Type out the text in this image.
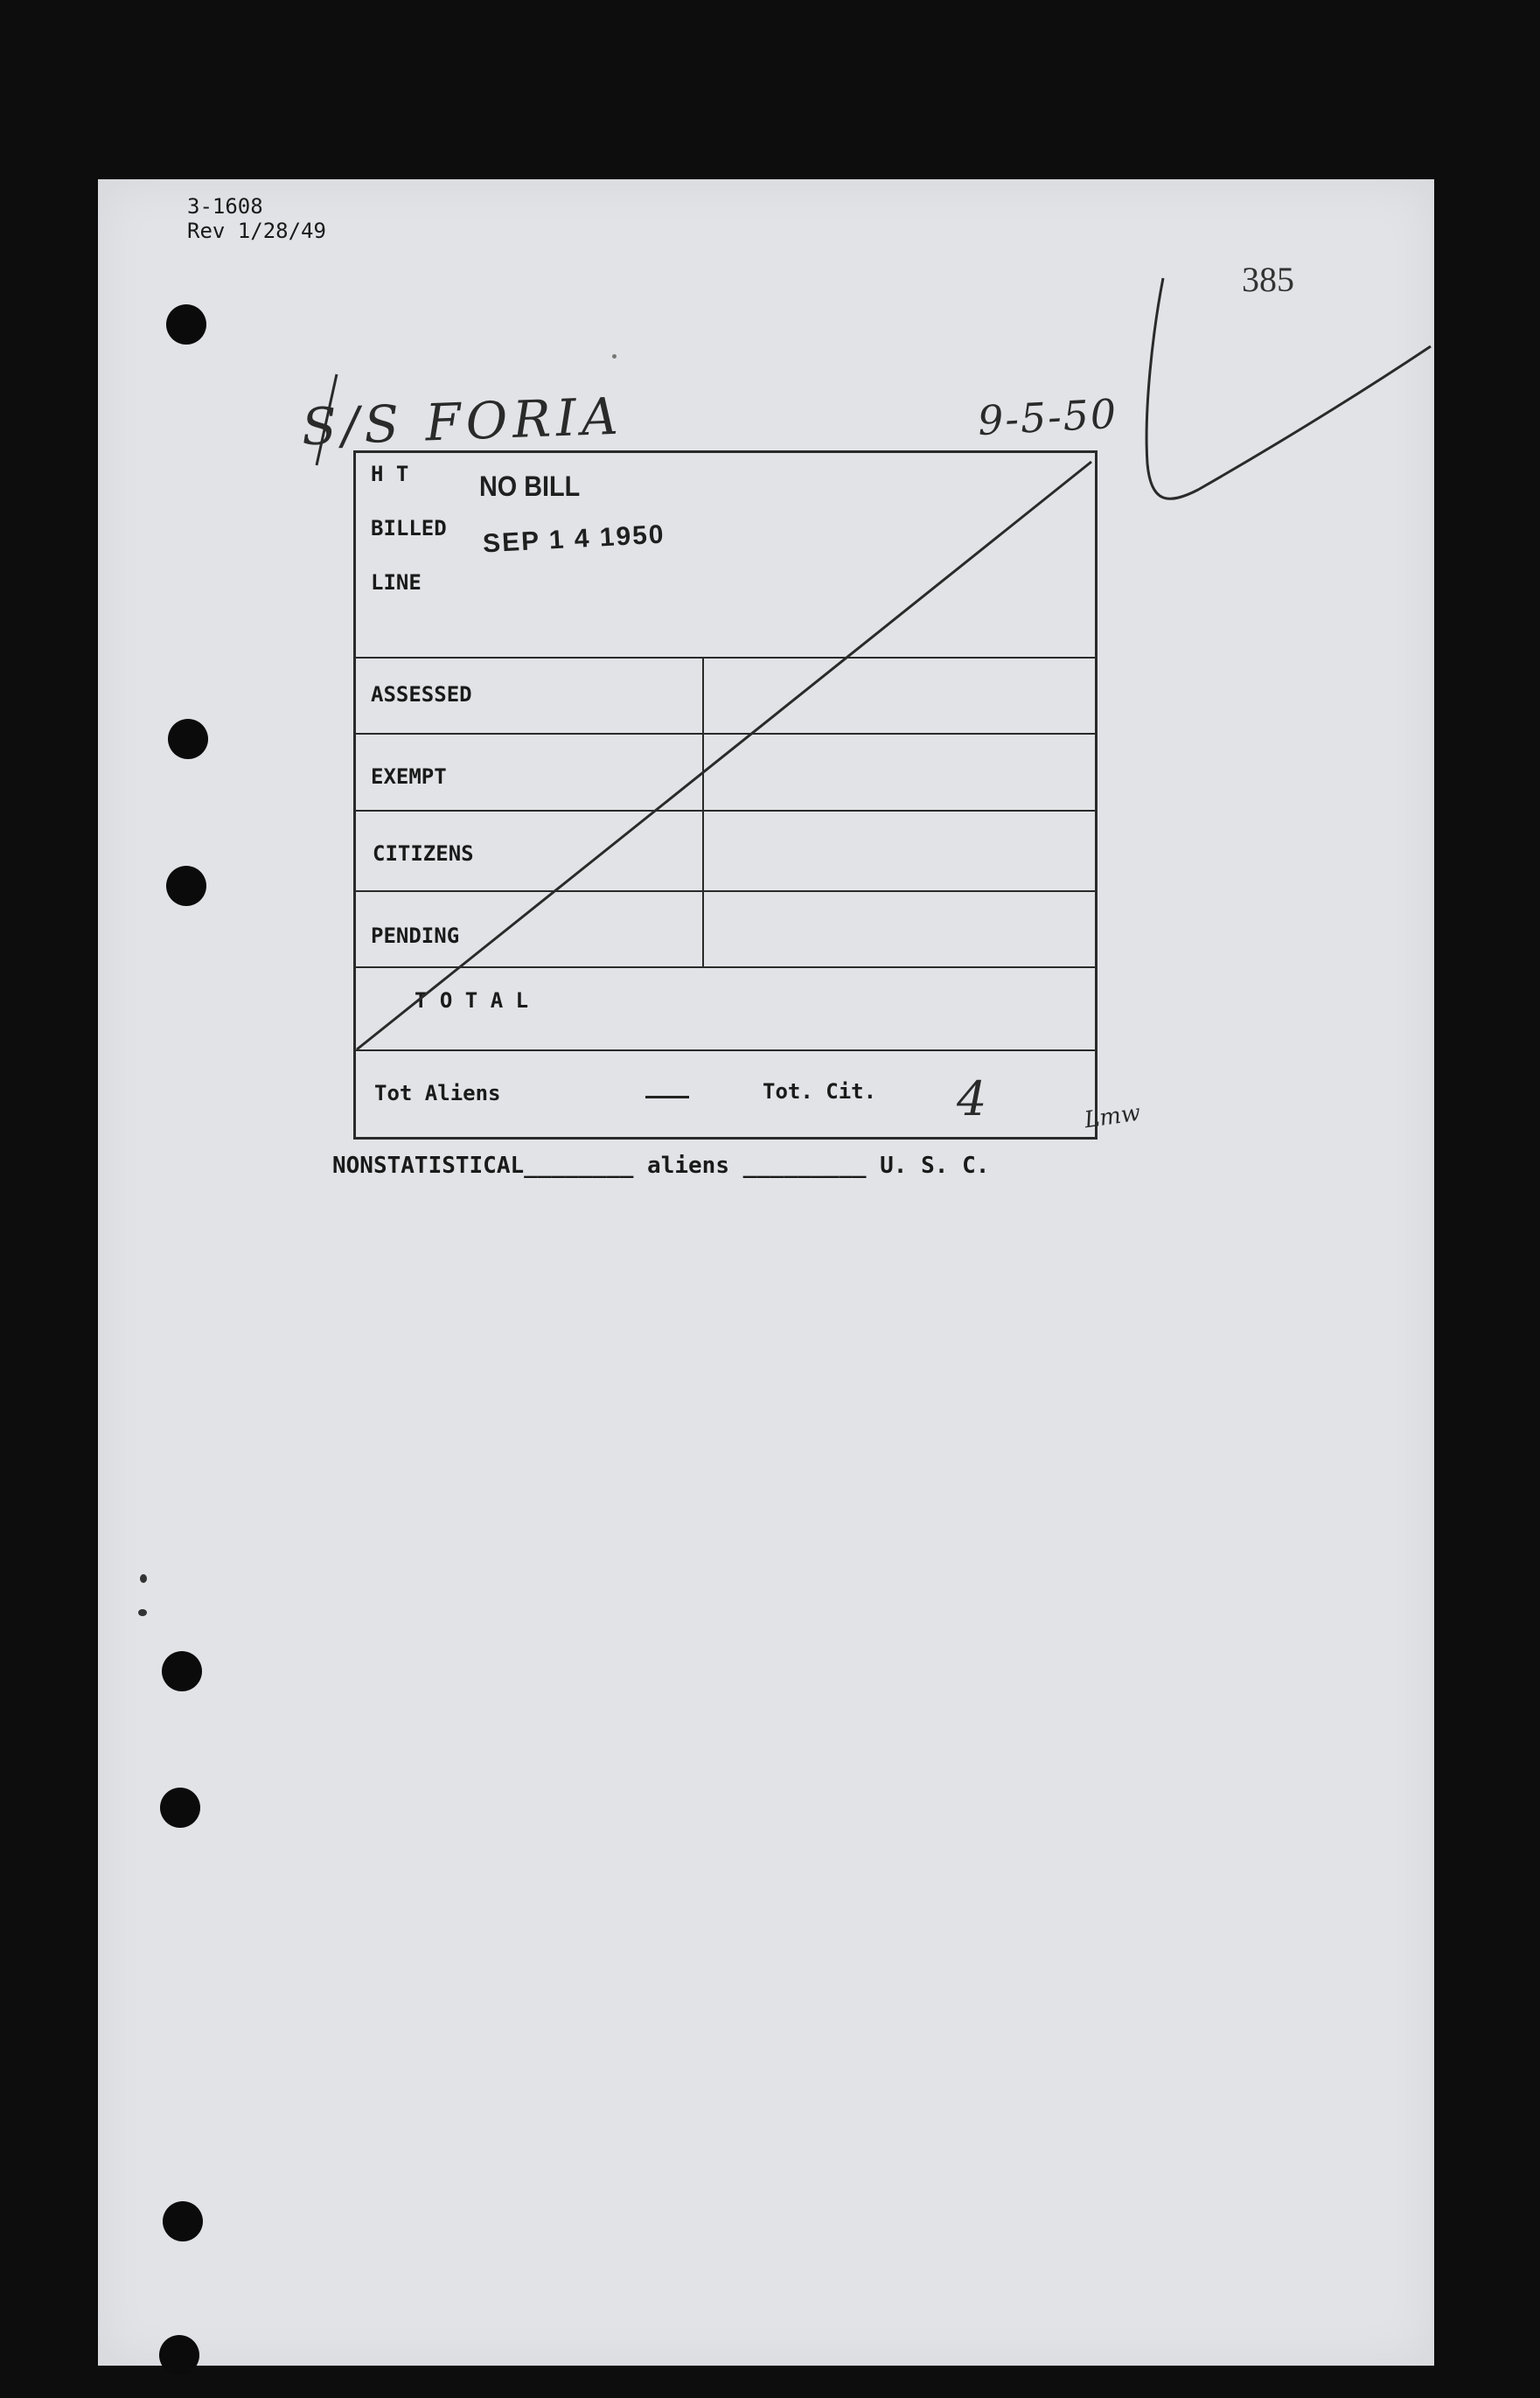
3-1608
Rev 1/28/49
385
S/S FORIA	9-5-50
H T
BILLED
LINE
ASSESSED
EXEMPT
CITIZENS
PENDING
T O T A L
Tot Aliens	Tot. Cit. 4	Lmw
NO BILL
SEP 1 4 1950
NONSTATISTICAL________ aliens _________ U. S. C.
